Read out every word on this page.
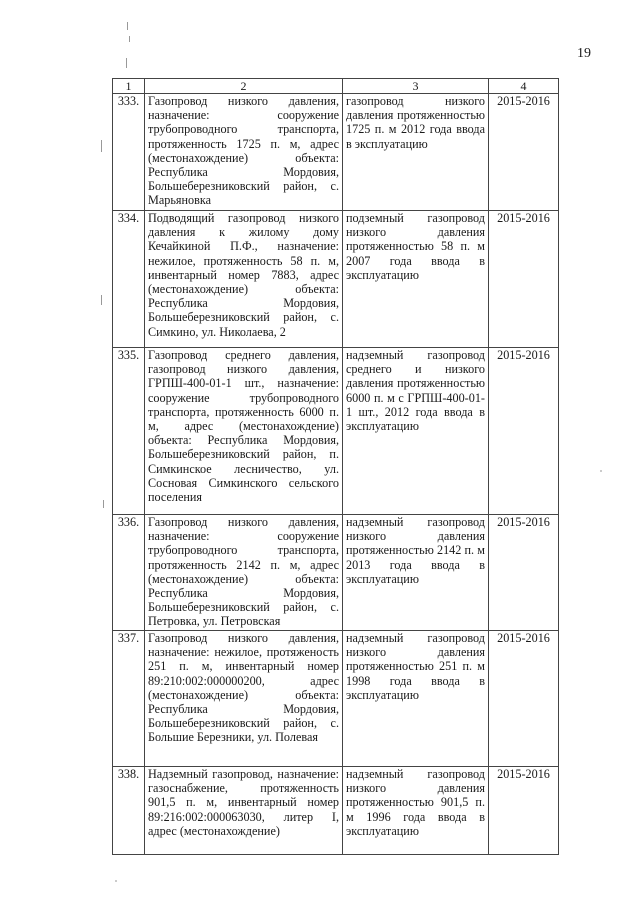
19
1	2	3	4
333.	Газопровод низкого давления, назначение: сооружение трубопроводного транспорта, протяженность 1725 п. м, адрес (местонахождение) объекта: Республика Мордовия, Большеберезниковский район, с. Марьяновка	газопровод низкого давления протяженностью 1725 п. м 2012 года ввода в эксплуатацию	2015-2016
334.	Подводящий газопровод низкого давления к жилому дому Кечайкиной П.Ф., назначение: нежилое, протяженность 58 п. м, инвентарный номер 7883, адрес (местонахождение) объекта: Республика Мордовия, Большеберезниковский район, с. Симкино, ул. Николаева, 2	подземный газопровод низкого давления протяженностью 58 п. м 2007 года ввода в эксплуатацию	2015-2016
335.	Газопровод среднего давления, газопровод низкого давления, ГРПШ-400-01-1 шт., назначение: сооружение трубопроводного транспорта, протяженность 6000 п. м, адрес (местонахождение) объекта: Республика Мордовия, Большеберезниковский район, п. Симкинское лесничество, ул. Сосновая Симкинского сельского поселения	надземный газопровод среднего и низкого давления протяженностью 6000 п. м с ГРПШ-400-01- 1 шт., 2012 года ввода в эксплуатацию	2015-2016
336.	Газопровод низкого давления, назначение: сооружение трубопроводного транспорта, протяженность 2142 п. м, адрес (местонахождение) объекта: Республика Мордовия, Большеберезниковский район, с. Петровка, ул. Петровская	надземный газопровод низкого давления протяженностью 2142 п. м 2013 года ввода в эксплуатацию	2015-2016
337.	Газопровод низкого давления, назначение: нежилое, протяженость 251 п. м, инвентарный номер 89:210:002:000000200, адрес (местонахождение) объекта: Республика Мордовия, Большеберезниковский район, с. Большие Березники, ул. Полевая	надземный газопровод низкого давления протяженностью 251 п. м 1998 года ввода в эксплуатацию	2015-2016
338.	Надземный газопровод, назначение: газоснабжение, протяженность 901,5 п. м, инвентарный номер 89:216:002:000063030, литер I, адрес (местонахождение)	надземный газопровод низкого давления протяженностью 901,5 п. м 1996 года ввода в эксплуатацию	2015-2016
